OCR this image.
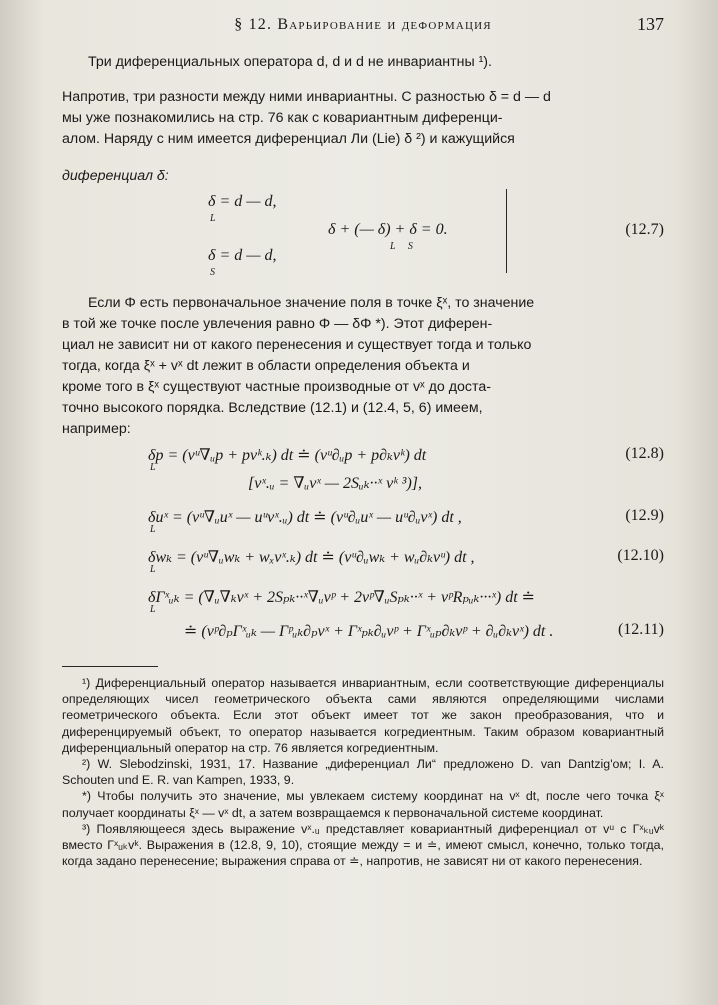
§ 12. Варьирование и деформация	137

Три диференциальных оператора d, d и d не инвариантны ¹).

Напротив, три разности между ними инвариантны. С разностью δ = d — d

мы уже познакомились на стр. 76 как с ковариантным диференци-

алом. Наряду с ним имеется диференциал Ли (Lie) δ ²) и кажущийся

диференциал δ:

δ = d — d,
L
δ + (— δ) + δ = 0.
L     S
δ = d — d,
S
(12.7)

Если Φ есть первоначальное значение поля в точке ξˣ, то значение

в той же точке после увлечения равно Φ — δΦ *). Этот диферен-

циал не зависит ни от какого перенесения и существует тогда и только

тогда, когда ξˣ + vˣ dt лежит в области определения объекта и

кроме того в ξˣ существуют частные производные от vˣ до доста-

точно высокого порядка. Вследствие (12.1) и (12.4, 5, 6) имеем,

например:

δp = (vᵘ∇ᵤp + pvᵏ.ₖ) dt ≐ (vᵘ∂ᵤp + p∂ₖvᵏ) dt
L
(12.8)
[vˣ.ᵤ = ∇ᵤvˣ — 2Sᵤₖ··ˣ vᵏ ³)],
δuˣ = (vᵘ∇ᵤuˣ — uᵘvˣ.ᵤ) dt ≐ (vᵘ∂ᵤuˣ — uᵘ∂ᵤvˣ) dt ,
L
(12.9)
δwₖ = (vᵘ∇ᵤwₖ + wₓvˣ.ₖ) dt ≐ (vᵘ∂ᵤwₖ + wᵤ∂ₖvᵘ) dt ,
L
(12.10)
δΓˣᵤₖ = (∇ᵤ∇ₖvˣ + 2Sₚₖ··ˣ∇ᵤvᵖ + 2vᵖ∇ᵤSₚₖ··ˣ + vᵖRₚᵤₖ···ˣ) dt ≐
L
≐ (vᵖ∂ₚΓˣᵤₖ — Γᵖᵤₖ∂ₚvˣ + Γˣₚₖ∂ᵤvᵖ + Γˣᵤₚ∂ₖvᵖ + ∂ᵤ∂ₖvˣ) dt .	(12.11)

¹) Диференциальный оператор называется инвариантным, если соответствующие диференциалы определяющих чисел геометрического объекта сами являются определяющими числами геометрического объекта. Если этот объект имеет тот же закон преобразования, что и диференцируемый объект, то оператор называется когредиентным. Таким образом ковариантный диференциальный оператор на стр. 76 является когредиентным.

²) W. Slebodzinski, 1931, 17. Название „диференциал Ли“ предложено D. van Dantzig'ом; I. A. Schouten und E. R. van Kampen, 1933, 9.

*) Чтобы получить это значение, мы увлекаем систему координат на vˣ dt, после чего точка ξˣ получает координаты ξˣ — vˣ dt, а затем возвращаемся к первоначальной системе координат.

³) Появляющееся здесь выражение vˣ.ᵤ представляет ковариантный диференциал от vᵘ с Γˣₖᵤvᵏ вместо Γˣᵤₖvᵏ. Выражения в (12.8, 9, 10), стоящие между = и ≐, имеют смысл, конечно, только тогда, когда задано перенесение; выражения справа от ≐, напротив, не зависят ни от какого перенесения.
